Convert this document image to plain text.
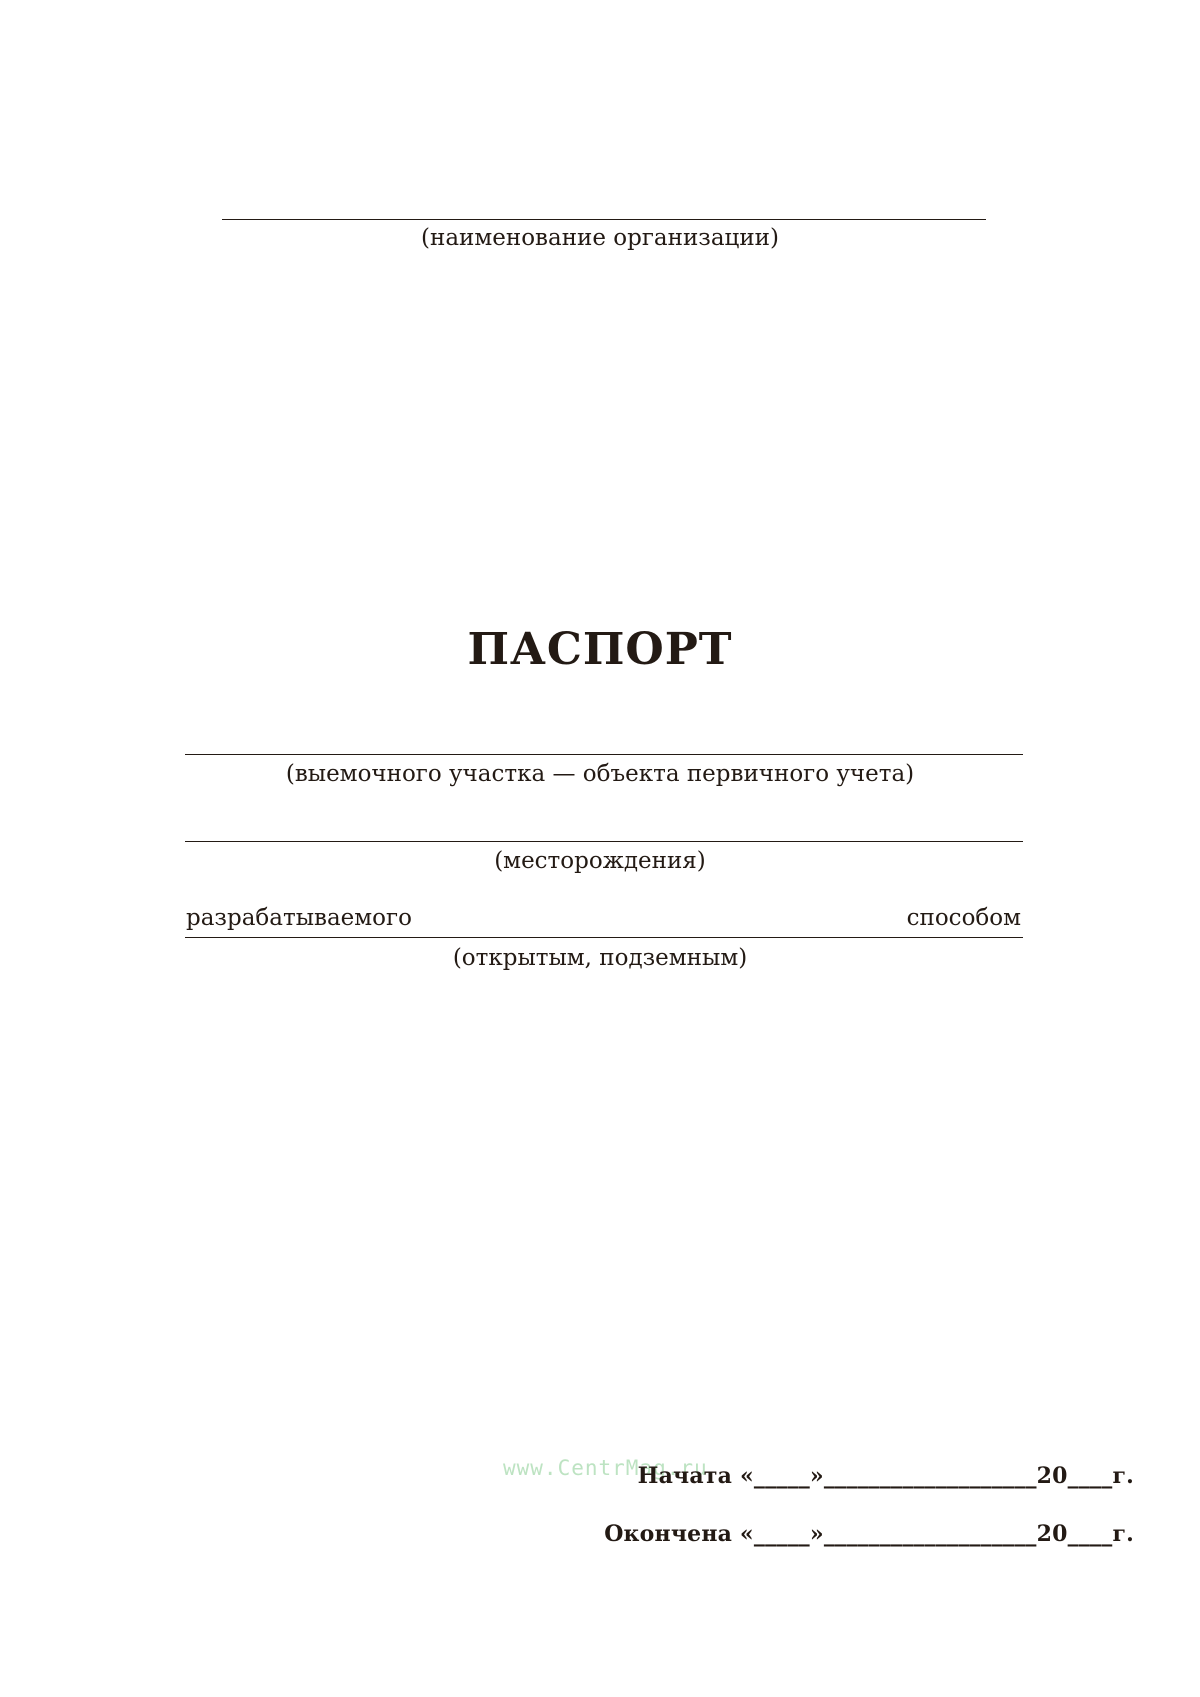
(наименование организации)
ПАСПОРТ
(выемочного участка — объекта первичного учета)
(месторождения)
разрабатываемого	способом
(открытым, подземным)
www.CentrMag.ru
Начата «_____»___________________20____г.
Окончена «_____»___________________20____г.
